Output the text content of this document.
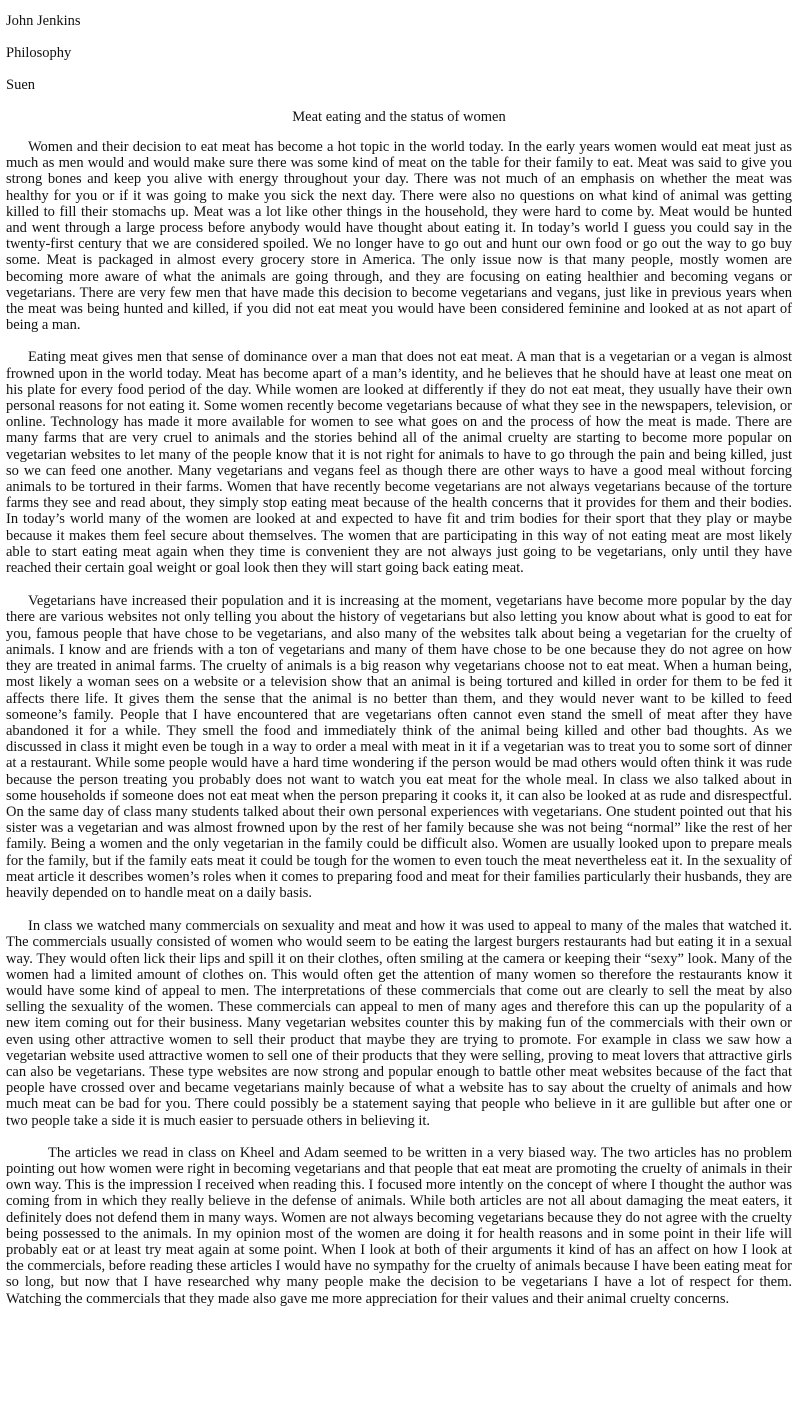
John Jenkins

Philosophy

Suen

Meat eating and the status of women

Women and their decision to eat meat has become a hot topic in the world today. In the early years women would eat meat just as much as men would and would make sure there was some kind of meat on the table for their family to eat. Meat was said to give you strong bones and keep you alive with energy throughout your day. There was not much of an emphasis on whether the meat was healthy for you or if it was going to make you sick the next day. There were also no questions on what kind of animal was getting killed to fill their stomachs up. Meat was a lot like other things in the household, they were hard to come by. Meat would be hunted and went through a large process before anybody would have thought about eating it. In today’s world I guess you could say in the twenty-first century that we are considered spoiled. We no longer have to go out and hunt our own food or go out the way to go buy some. Meat is packaged in almost every grocery store in America. The only issue now is that many people, mostly women are becoming more aware of what the animals are going through, and they are focusing on eating healthier and becoming vegans or vegetarians. There are very few men that have made this decision to become vegetarians and vegans, just like in previous years when the meat was being hunted and killed, if you did not eat meat you would have been considered feminine and looked at as not apart of being a man.

Eating meat gives men that sense of dominance over a man that does not eat meat. A man that is a vegetarian or a vegan is almost frowned upon in the world today. Meat has become apart of a man’s identity, and he believes that he should have at least one meat on his plate for every food period of the day. While women are looked at differently if they do not eat meat, they usually have their own personal reasons for not eating it. Some women recently become vegetarians because of what they see in the newspapers, television, or online. Technology has made it more available for women to see what goes on and the process of how the meat is made. There are many farms that are very cruel to animals and the stories behind all of the animal cruelty are starting to become more popular on vegetarian websites to let many of the people know that it is not right for animals to have to go through the pain and being killed, just so we can feed one another. Many vegetarians and vegans feel as though there are other ways to have a good meal without forcing animals to be tortured in their farms. Women that have recently become vegetarians are not always vegetarians because of the torture farms they see and read about, they simply stop eating meat because of the health concerns that it provides for them and their bodies. In today’s world many of the women are looked at and expected to have fit and trim bodies for their sport that they play or maybe because it makes them feel secure about themselves. The women that are participating in this way of not eating meat are most likely able to start eating meat again when they time is convenient they are not always just going to be vegetarians, only until they have reached their certain goal weight or goal look then they will start going back eating meat.

Vegetarians have increased their population and it is increasing at the moment, vegetarians have become more popular by the day there are various websites not only telling you about the history of vegetarians but also letting you know about what is good to eat for you, famous people that have chose to be vegetarians, and also many of the websites talk about being a vegetarian for the cruelty of animals. I know and are friends with a ton of vegetarians and many of them have chose to be one because they do not agree on how they are treated in animal farms. The cruelty of animals is a big reason why vegetarians choose not to eat meat. When a human being, most likely a woman sees on a website or a television show that an animal is being tortured and killed in order for them to be fed it affects there life. It gives them the sense that the animal is no better than them, and they would never want to be killed to feed someone’s family. People that I have encountered that are vegetarians often cannot even stand the smell of meat after they have abandoned it for a while. They smell the food and immediately think of the animal being killed and other bad thoughts. As we discussed in class it might even be tough in a way to order a meal with meat in it if a vegetarian was to treat you to some sort of dinner at a restaurant. While some people would have a hard time wondering if the person would be mad others would often think it was rude because the person treating you probably does not want to watch you eat meat for the whole meal. In class we also talked about in some households if someone does not eat meat when the person preparing it cooks it, it can also be looked at as rude and disrespectful. On the same day of class many students talked about their own personal experiences with vegetarians. One student pointed out that his sister was a vegetarian and was almost frowned upon by the rest of her family because she was not being “normal” like the rest of her family. Being a women and the only vegetarian in the family could be difficult also. Women are usually looked upon to prepare meals for the family, but if the family eats meat it could be tough for the women to even touch the meat nevertheless eat it. In the sexuality of meat article it describes women’s roles when it comes to preparing food and meat for their families particularly their husbands, they are heavily depended on to handle meat on a daily basis.

In class we watched many commercials on sexuality and meat and how it was used to appeal to many of the males that watched it. The commercials usually consisted of women who would seem to be eating the largest burgers restaurants had but eating it in a sexual way. They would often lick their lips and spill it on their clothes, often smiling at the camera or keeping their “sexy” look. Many of the women had a limited amount of clothes on. This would often get the attention of many women so therefore the restaurants know it would have some kind of appeal to men. The interpretations of these commercials that come out are clearly to sell the meat by also selling the sexuality of the women. These commercials can appeal to men of many ages and therefore this can up the popularity of a new item coming out for their business. Many vegetarian websites counter this by making fun of the commercials with their own or even using other attractive women to sell their product that maybe they are trying to promote. For example in class we saw how a vegetarian website used attractive women to sell one of their products that they were selling, proving to meat lovers that attractive girls can also be vegetarians. These type websites are now strong and popular enough to battle other meat websites because of the fact that people have crossed over and became vegetarians mainly because of what a website has to say about the cruelty of animals and how much meat can be bad for you. There could possibly be a statement saying that people who believe in it are gullible but after one or two people take a side it is much easier to persuade others in believing it.

The articles we read in class on Kheel and Adam seemed to be written in a very biased way. The two articles has no problem pointing out how women were right in becoming vegetarians and that people that eat meat are promoting the cruelty of animals in their own way. This is the impression I received when reading this. I focused more intently on the concept of where I thought the author was coming from in which they really believe in the defense of animals. While both articles are not all about damaging the meat eaters, it definitely does not defend them in many ways. Women are not always becoming vegetarians because they do not agree with the cruelty being possessed to the animals. In my opinion most of the women are doing it for health reasons and in some point in their life will probably eat or at least try meat again at some point. When I look at both of their arguments it kind of has an affect on how I look at the commercials, before reading these articles I would have no sympathy for the cruelty of animals because I have been eating meat for so long, but now that I have researched why many people make the decision to be vegetarians I have a lot of respect for them. Watching the commercials that they made also gave me more appreciation for their values and their animal cruelty concerns.
